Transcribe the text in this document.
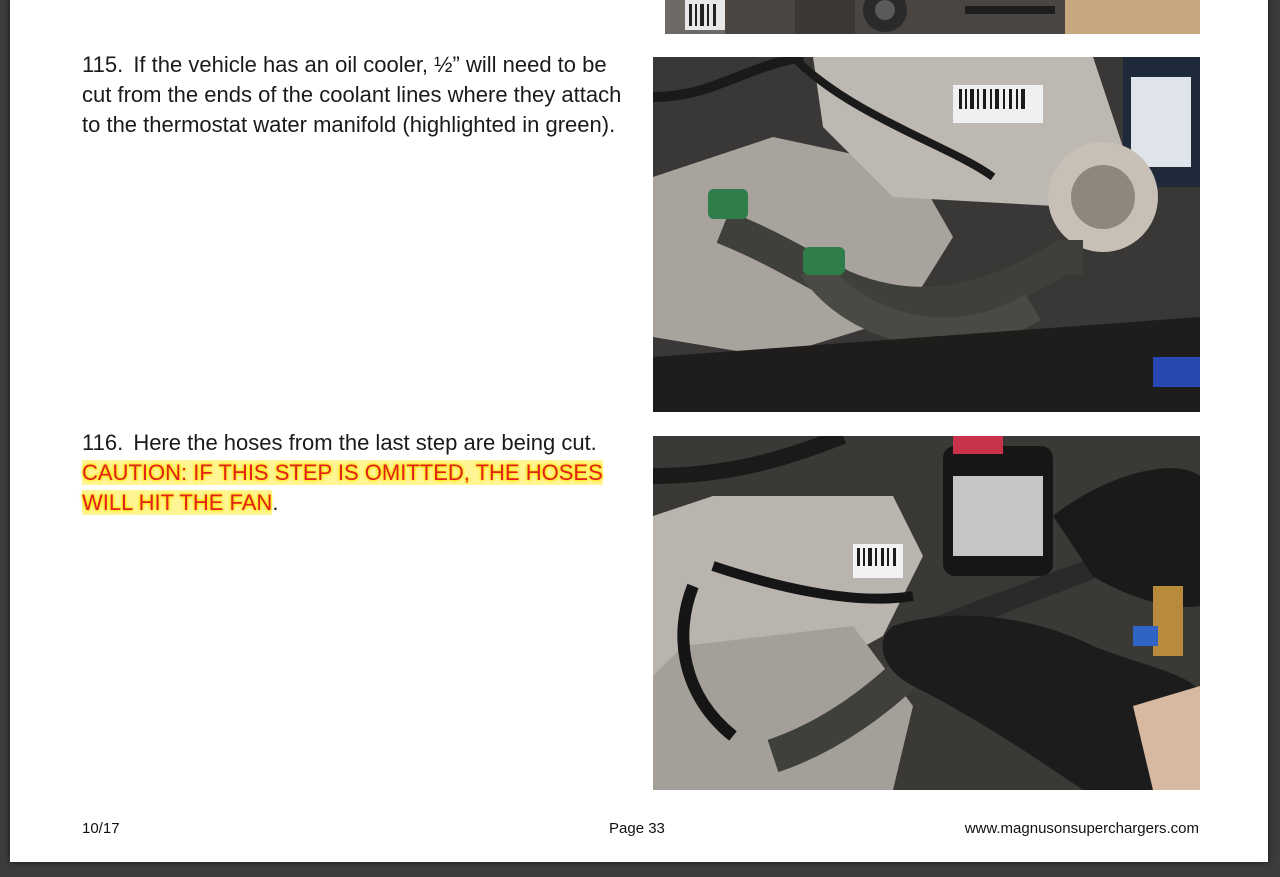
115. If the vehicle has an oil cooler, ½” will need to be cut from the ends of the coolant lines where they attach to the thermostat water manifold (highlighted in green).
116. Here the hoses from the last step are being cut.
CAUTION: IF THIS STEP IS OMITTED, THE HOSES WILL HIT THE FAN.
10/17	Page 33	www.magnusonsuperchargers.com
